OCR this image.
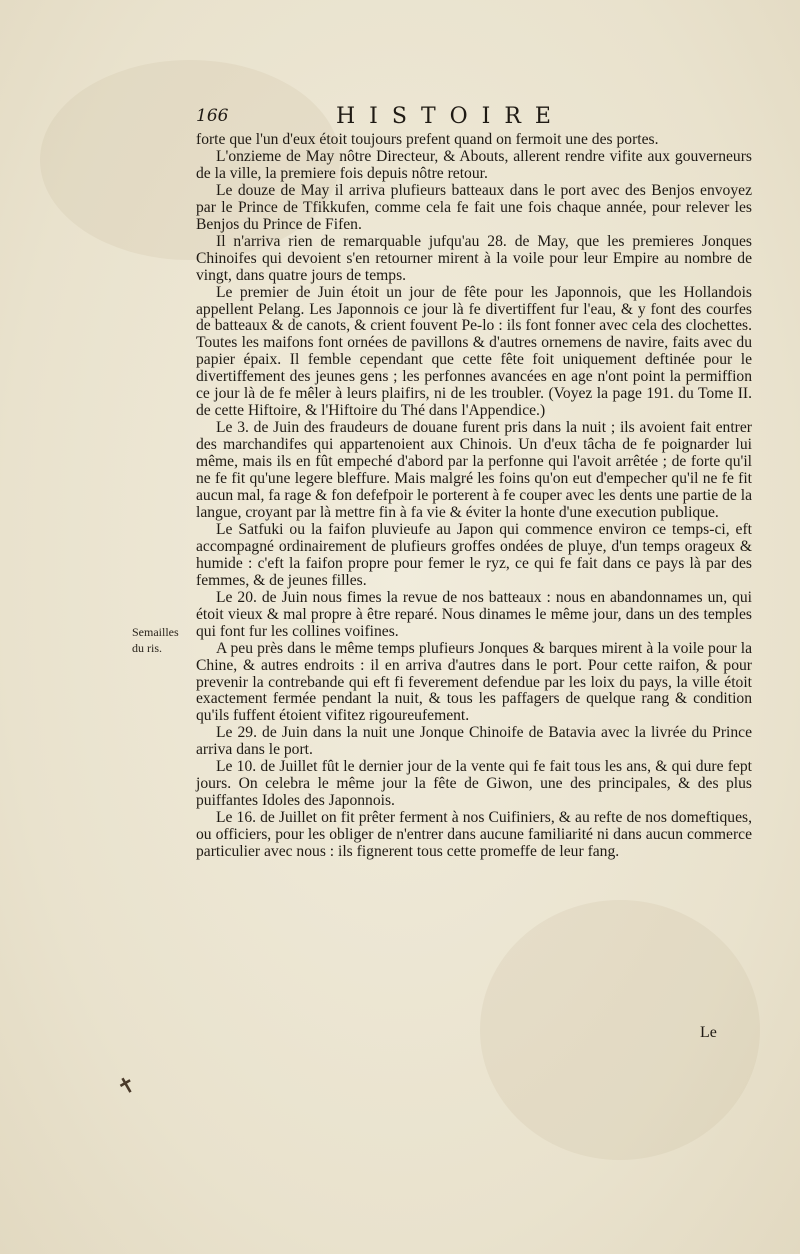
166	HISTOIRE
Semailles
du ris.

forte que l'un d'eux étoit toujours prefent quand on fermoit une des portes.

L'onzieme de May nôtre Directeur, & Abouts, allerent rendre vifite aux gouverneurs de la ville, la premiere fois depuis nôtre retour.

Le douze de May il arriva plufieurs batteaux dans le port avec des Benjos envoyez par le Prince de Tfikkufen, comme cela fe fait une fois chaque année, pour relever les Benjos du Prince de Fifen.

Il n'arriva rien de remarquable jufqu'au 28. de May, que les premieres Jonques Chinoifes qui devoient s'en retourner mirent à la voile pour leur Empire au nombre de vingt, dans quatre jours de temps.

Le premier de Juin étoit un jour de fête pour les Japonnois, que les Hollandois appellent Pelang. Les Japonnois ce jour là fe divertiffent fur l'eau, & y font des courfes de batteaux & de canots, & crient fouvent Pe-lo : ils font fonner avec cela des clochettes. Toutes les maifons font ornées de pavillons & d'autres ornemens de navire, faits avec du papier épaix. Il femble cependant que cette fête foit uniquement deftinée pour le divertiffement des jeunes gens ; les perfonnes avancées en age n'ont point la permiffion ce jour là de fe mêler à leurs plaifirs, ni de les troubler. (Voyez la page 191. du Tome II. de cette Hiftoire, & l'Hiftoire du Thé dans l'Appendice.)

Le 3. de Juin des fraudeurs de douane furent pris dans la nuit ; ils avoient fait entrer des marchandifes qui appartenoient aux Chinois. Un d'eux tâcha de fe poignarder lui même, mais ils en fût empeché d'abord par la perfonne qui l'avoit arrêtée ; de forte qu'il ne fe fit qu'une legere bleffure. Mais malgré les foins qu'on eut d'empecher qu'il ne fe fit aucun mal, fa rage & fon defefpoir le porterent à fe couper avec les dents une partie de la langue, croyant par là mettre fin à fa vie & éviter la honte d'une execution publique.

Le Satfuki ou la faifon pluvieufe au Japon qui commence environ ce temps-ci, eft accompagné ordinairement de plufieurs groffes ondées de pluye, d'un temps orageux & humide : c'eft la faifon propre pour femer le ryz, ce qui fe fait dans ce pays là par des femmes, & de jeunes filles.

Le 20. de Juin nous fimes la revue de nos batteaux : nous en abandonnames un, qui étoit vieux & mal propre à être reparé. Nous dinames le même jour, dans un des temples qui font fur les collines voifines.

A peu près dans le même temps plufieurs Jonques & barques mirent à la voile pour la Chine, & autres endroits : il en arriva d'autres dans le port. Pour cette raifon, & pour prevenir la contrebande qui eft fi feverement defendue par les loix du pays, la ville étoit exactement fermée pendant la nuit, & tous les paffagers de quelque rang & condition qu'ils fuffent étoient vifitez rigoureufement.

Le 29. de Juin dans la nuit une Jonque Chinoife de Batavia avec la livrée du Prince arriva dans le port.

Le 10. de Juillet fût le dernier jour de la vente qui fe fait tous les ans, & qui dure fept jours. On celebra le même jour la fête de Giwon, une des principales, & des plus puiffantes Idoles des Japonnois.

Le 16. de Juillet on fit prêter ferment à nos Cuifiniers, & au refte de nos domeftiques, ou officiers, pour les obliger de n'entrer dans aucune familiarité ni dans aucun commerce particulier avec nous : ils fignerent tous cette promeffe de leur fang.

Le
✝
